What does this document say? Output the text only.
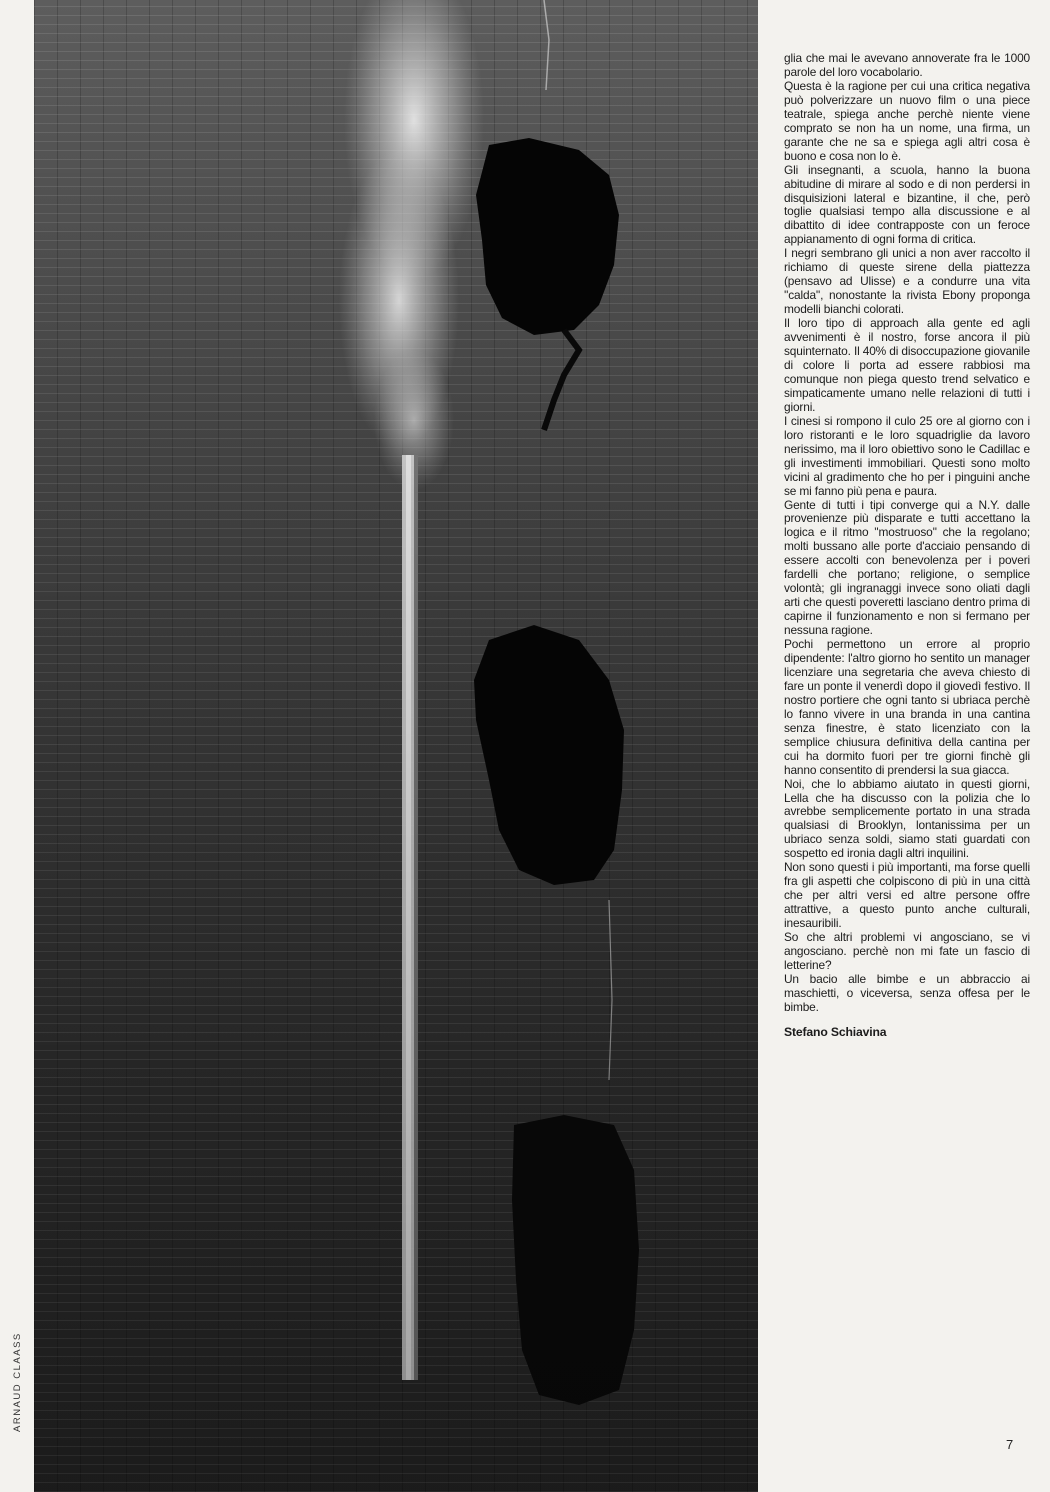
ARNAUD CLAASS

glia che mai le avevano annoverate fra le 1000 parole del loro vocabolario.

Questa è la ragione per cui una critica negativa può polverizzare un nuovo film o una piece teatrale, spiega anche perchè niente viene comprato se non ha un nome, una firma, un garante che ne sa e spiega agli altri cosa è buono e cosa non lo è.

Gli insegnanti, a scuola, hanno la buona abitudine di mirare al sodo e di non perdersi in disquisizioni lateral e bizantine, il che, però toglie qualsiasi tempo alla discussione e al dibattito di idee contrapposte con un feroce appianamento di ogni forma di critica.

I negri sembrano gli unici a non aver raccolto il richiamo di queste sirene della piattezza (pensavo ad Ulisse) e a condurre una vita ''calda'', nonostante la rivista Ebony proponga modelli bianchi colorati.

Il loro tipo di approach alla gente ed agli avvenimenti è il nostro, forse ancora il più squinternato. Il 40% di disoccupazione giovanile di colore li porta ad essere rabbiosi ma comunque non piega questo trend selvatico e simpaticamente umano nelle relazioni di tutti i giorni.

I cinesi si rompono il culo 25 ore al giorno con i loro ristoranti e le loro squadriglie da lavoro nerissimo, ma il loro obiettivo sono le Cadillac e gli investimenti immobiliari. Questi sono molto vicini al gradimento che ho per i pinguini anche se mi fanno più pena e paura.

Gente di tutti i tipi converge qui a N.Y. dalle provenienze più disparate e tutti accettano la logica e il ritmo ''mostruoso'' che la regolano; molti bussano alle porte d'acciaio pensando di essere accolti con benevolenza per i poveri fardelli che portano; religione, o semplice volontà; gli ingranaggi invece sono oliati dagli arti che questi poveretti lasciano dentro prima di capirne il funzionamento e non si fermano per nessuna ragione.

Pochi permettono un errore al proprio dipendente: l'altro giorno ho sentito un manager licenziare una segretaria che aveva chiesto di fare un ponte il venerdì dopo il giovedì festivo. Il nostro portiere che ogni tanto si ubriaca perchè lo fanno vivere in una branda in una cantina senza finestre, è stato licenziato con la semplice chiusura definitiva della cantina per cui ha dormito fuori per tre giorni finchè gli hanno consentito di prendersi la sua giacca.

Noi, che lo abbiamo aiutato in questi giorni, Lella che ha discusso con la polizia che lo avrebbe semplicemente portato in una strada qualsiasi di Brooklyn, lontanissima per un ubriaco senza soldi, siamo stati guardati con sospetto ed ironia dagli altri inquilini.

Non sono questi i più importanti, ma forse quelli fra gli aspetti che colpiscono di più in una città che per altri versi ed altre persone offre attrattive, a questo punto anche culturali, inesauribili.

So che altri problemi vi angosciano, se vi angosciano. perchè non mi fate un fascio di letterine?

Un bacio alle bimbe e un abbraccio ai maschietti, o viceversa, senza offesa per le bimbe.

Stefano Schiavina

7
